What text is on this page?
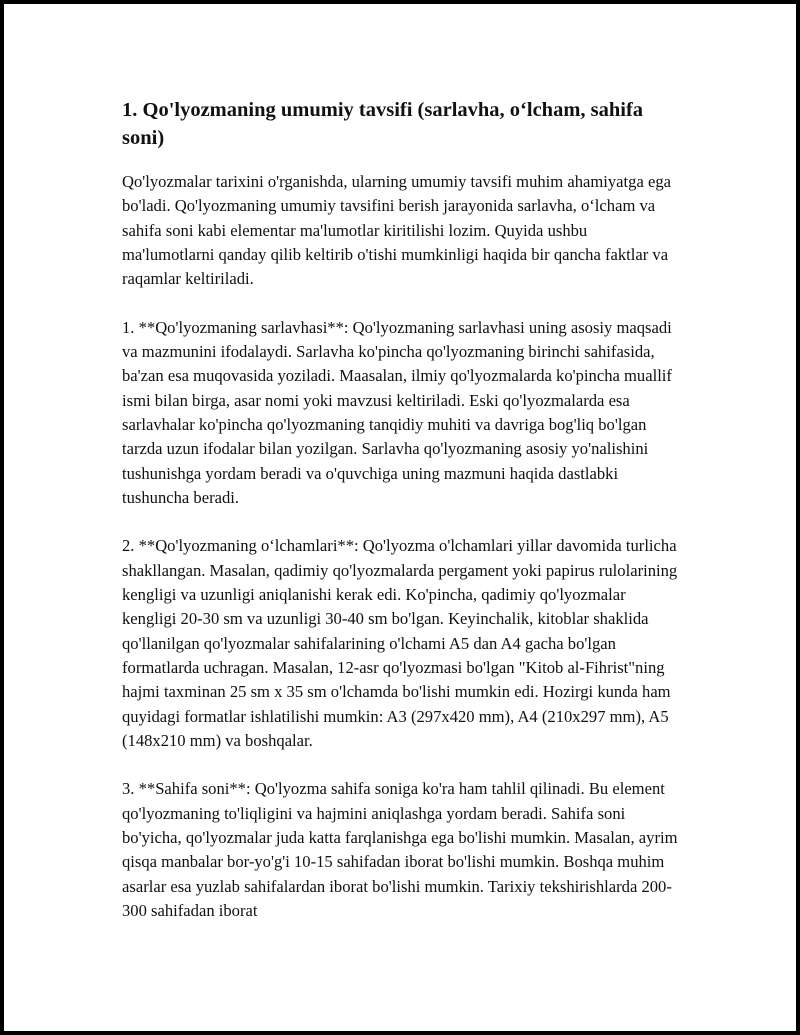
1. Qo'lyozmaning umumiy tavsifi (sarlavha, o‘lcham, sahifa soni)

Qo'lyozmalar tarixini o'rganishda, ularning umumiy tavsifi muhim ahamiyatga ega bo'ladi. Qo'lyozmaning umumiy tavsifini berish jarayonida sarlavha, o‘lcham va sahifa soni kabi elementar ma'lumotlar kiritilishi lozim. Quyida ushbu ma'lumotlarni qanday qilib keltirib o'tishi mumkinligi haqida bir qancha faktlar va raqamlar keltiriladi.

1. **Qo'lyozmaning sarlavhasi**: Qo'lyozmaning sarlavhasi uning asosiy maqsadi va mazmunini ifodalaydi. Sarlavha ko'pincha qo'lyozmaning birinchi sahifasida, ba'zan esa muqovasida yoziladi. Maasalan, ilmiy qo'lyozmalarda ko'pincha muallif ismi bilan birga, asar nomi yoki mavzusi keltiriladi. Eski qo'lyozmalarda esa sarlavhalar ko'pincha qo'lyozmaning tanqidiy muhiti va davriga bog'liq bo'lgan tarzda uzun ifodalar bilan yozilgan. Sarlavha qo'lyozmaning asosiy yo'nalishini tushunishga yordam beradi va o'quvchiga uning mazmuni haqida dastlabki tushuncha beradi.

2. **Qo'lyozmaning o‘lchamlari**: Qo'lyozma o'lchamlari yillar davomida turlicha shakllangan. Masalan, qadimiy qo'lyozmalarda pergament yoki papirus rulolarining kengligi va uzunligi aniqlanishi kerak edi. Ko'pincha, qadimiy qo'lyozmalar kengligi 20-30 sm va uzunligi 30-40 sm bo'lgan. Keyinchalik, kitoblar shaklida qo'llanilgan qo'lyozmalar sahifalarining o'lchami A5 dan A4 gacha bo'lgan formatlarda uchragan. Masalan, 12-asr qo'lyozmasi bo'lgan "Kitob al-Fihrist"ning hajmi taxminan 25 sm x 35 sm o'lchamda bo'lishi mumkin edi. Hozirgi kunda ham quyidagi formatlar ishlatilishi mumkin: A3 (297x420 mm), A4 (210x297 mm), A5 (148x210 mm) va boshqalar.

3. **Sahifa soni**: Qo'lyozma sahifa soniga ko'ra ham tahlil qilinadi. Bu element qo'lyozmaning to'liqligini va hajmini aniqlashga yordam beradi. Sahifa soni bo'yicha, qo'lyozmalar juda katta farqlanishga ega bo'lishi mumkin. Masalan, ayrim qisqa manbalar bor-yo'g'i 10-15 sahifadan iborat bo'lishi mumkin. Boshqa muhim asarlar esa yuzlab sahifalardan iborat bo'lishi mumkin. Tarixiy tekshirishlarda 200-300 sahifadan iborat
